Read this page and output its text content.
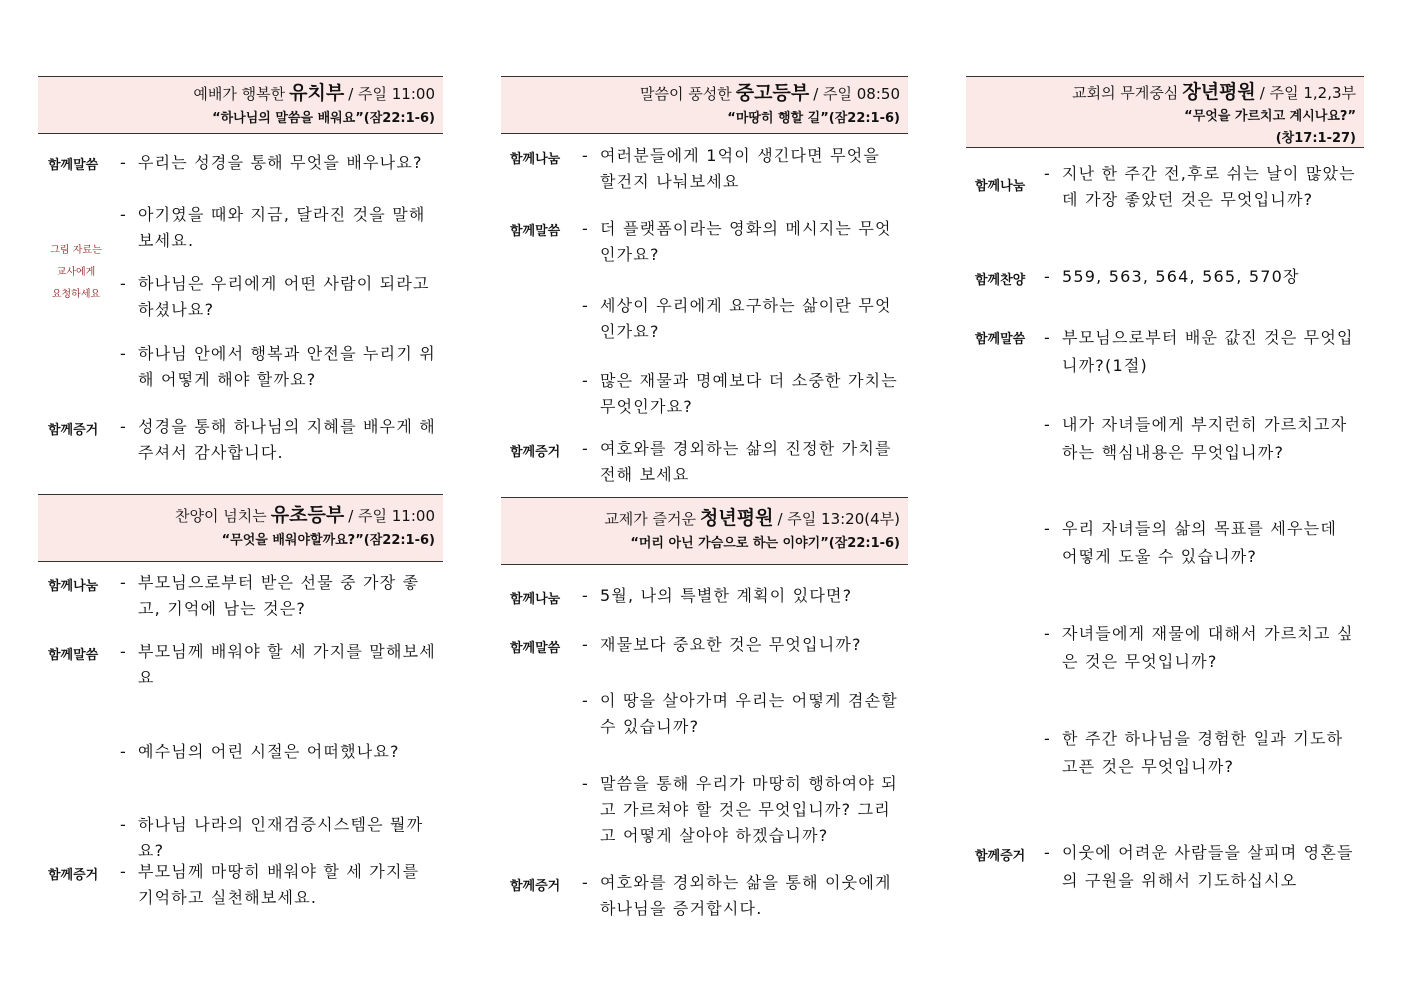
예배가 행복한 유치부 / 주일 11:00
“하나님의 말씀을 배워요”(잠22:1-6)
함께말씀 - 우리는 성경을 통해 무엇을 배우나요?
- 아기였을 때와 지금, 달라진 것을 말해 보세요.
그림 자료는
교사에게
요청하세요
- 하나님은 우리에게 어떤 사람이 되라고 하셨나요?
- 하나님 안에서 행복과 안전을 누리기 위해 어떻게 해야 할까요?
함께증거 - 성경을 통해 하나님의 지혜를 배우게 해주셔서 감사합니다.
찬양이 넘치는 유초등부 / 주일 11:00
“무엇을 배워야할까요?”(잠22:1-6)
함께나눔 - 부모님으로부터 받은 선물 중 가장 좋고, 기억에 남는 것은?
함께말씀 - 부모님께 배워야 할 세 가지를 말해보세요
- 예수님의 어린 시절은 어떠했나요?
- 하나님 나라의 인재검증시스템은 뭘까요?
함께증거 - 부모님께 마땅히 배워야 할 세 가지를 기억하고 실천해보세요.
말씀이 풍성한 중고등부 / 주일 08:50
“마땅히 행할 길”(잠22:1-6)
함께나눔 - 여러분들에게 1억이 생긴다면 무엇을 할건지 나눠보세요
함께말씀 - 더 플랫폼이라는 영화의 메시지는 무엇인가요?
- 세상이 우리에게 요구하는 삶이란 무엇인가요?
- 많은 재물과 명예보다 더 소중한 가치는 무엇인가요?
함께증거 - 여호와를 경외하는 삶의 진정한 가치를 전해 보세요
교제가 즐거운 청년평원 / 주일 13:20(4부)
“머리 아닌 가슴으로 하는 이야기”(잠22:1-6)
함께나눔 - 5월, 나의 특별한 계획이 있다면?
함께말씀 - 재물보다 중요한 것은 무엇입니까?
- 이 땅을 살아가며 우리는 어떻게 겸손할 수 있습니까?
- 말씀을 통해 우리가 마땅히 행하여야 되고 가르쳐야 할 것은 무엇입니까? 그리고 어떻게 살아야 하겠습니까?
함께증거 - 여호와를 경외하는 삶을 통해 이웃에게 하나님을 증거합시다.
교회의 무게중심 장년평원 / 주일 1,2,3부
“무엇을 가르치고 계시나요?”
(창17:1-27)
함께나눔
- 지난 한 주간 전,후로 쉬는 날이 많았는데 가장 좋았던 것은 무엇입니까?
함께찬양 - 559, 563, 564, 565, 570장
함께말씀 - 부모님으로부터 배운 값진 것은 무엇입니까?(1절)
- 내가 자녀들에게 부지런히 가르치고자 하는 핵심내용은 무엇입니까?
- 우리 자녀들의 삶의 목표를 세우는데 어떻게 도울 수 있습니까?
- 자녀들에게 재물에 대해서 가르치고 싶은 것은 무엇입니까?
- 한 주간 하나님을 경험한 일과 기도하고픈 것은 무엇입니까?
함께증거 - 이웃에 어려운 사람들을 살피며 영혼들의 구원을 위해서 기도하십시오
